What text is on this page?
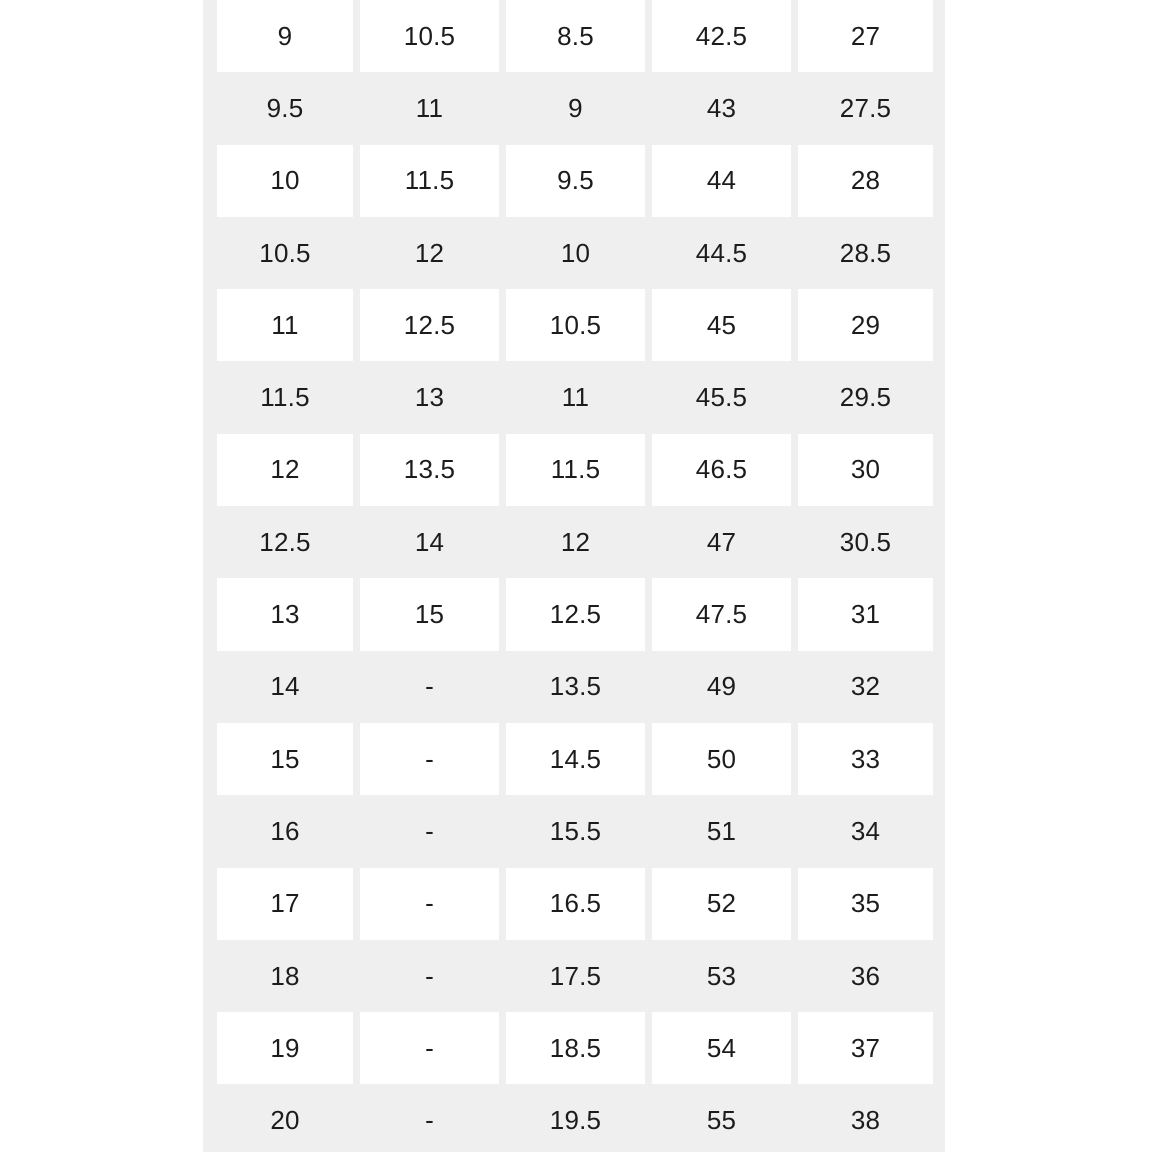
9	10.5	8.5	42.5	27
9.5	11	9	43	27.5
10	11.5	9.5	44	28
10.5	12	10	44.5	28.5
11	12.5	10.5	45	29
11.5	13	11	45.5	29.5
12	13.5	11.5	46.5	30
12.5	14	12	47	30.5
13	15	12.5	47.5	31
14	-	13.5	49	32
15	-	14.5	50	33
16	-	15.5	51	34
17	-	16.5	52	35
18	-	17.5	53	36
19	-	18.5	54	37
20	-	19.5	55	38
